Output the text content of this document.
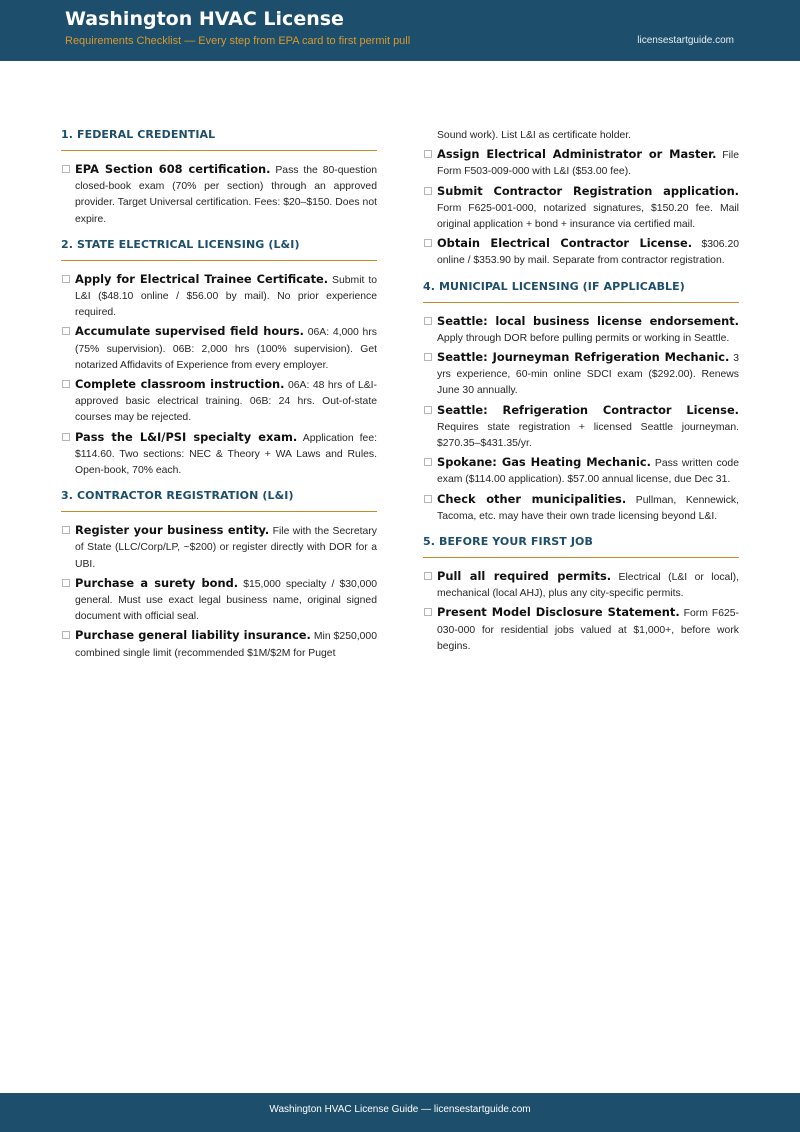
Washington HVAC License
Requirements Checklist — Every step from EPA card to first permit pull	licensestartguide.com
1. FEDERAL CREDENTIAL
EPA Section 608 certification. Pass the 80-question closed-book exam (70% per section) through an approved provider. Target Universal certification. Fees: $20–$150. Does not expire.
2. STATE ELECTRICAL LICENSING (L&I)
Apply for Electrical Trainee Certificate. Submit to L&I ($48.10 online / $56.00 by mail). No prior experience required.
Accumulate supervised field hours. 06A: 4,000 hrs (75% supervision). 06B: 2,000 hrs (100% supervision). Get notarized Affidavits of Experience from every employer.
Complete classroom instruction. 06A: 48 hrs of L&I-approved basic electrical training. 06B: 24 hrs. Out-of-state courses may be rejected.
Pass the L&I/PSI specialty exam. Application fee: $114.60. Two sections: NEC & Theory + WA Laws and Rules. Open-book, 70% each.
3. CONTRACTOR REGISTRATION (L&I)
Register your business entity. File with the Secretary of State (LLC/Corp/LP, ~$200) or register directly with DOR for a UBI.
Purchase a surety bond. $15,000 specialty / $30,000 general. Must use exact legal business name, original signed document with official seal.
Purchase general liability insurance. Min $250,000 combined single limit (recommended $1M/$2M for Puget
Sound work). List L&I as certificate holder.
Assign Electrical Administrator or Master. File Form F503-009-000 with L&I ($53.00 fee).
Submit Contractor Registration application. Form F625-001-000, notarized signatures, $150.20 fee. Mail original application + bond + insurance via certified mail.
Obtain Electrical Contractor License. $306.20 online / $353.90 by mail. Separate from contractor registration.
4. MUNICIPAL LICENSING (IF APPLICABLE)
Seattle: local business license endorsement. Apply through DOR before pulling permits or working in Seattle.
Seattle: Journeyman Refrigeration Mechanic. 3 yrs experience, 60-min online SDCI exam ($292.00). Renews June 30 annually.
Seattle: Refrigeration Contractor License. Requires state registration + licensed Seattle journeyman. $270.35–$431.35/yr.
Spokane: Gas Heating Mechanic. Pass written code exam ($114.00 application). $57.00 annual license, due Dec 31.
Check other municipalities. Pullman, Kennewick, Tacoma, etc. may have their own trade licensing beyond L&I.
5. BEFORE YOUR FIRST JOB
Pull all required permits. Electrical (L&I or local), mechanical (local AHJ), plus any city-specific permits.
Present Model Disclosure Statement. Form F625-030-000 for residential jobs valued at $1,000+, before work begins.
Washington HVAC License Guide — licensestartguide.com
